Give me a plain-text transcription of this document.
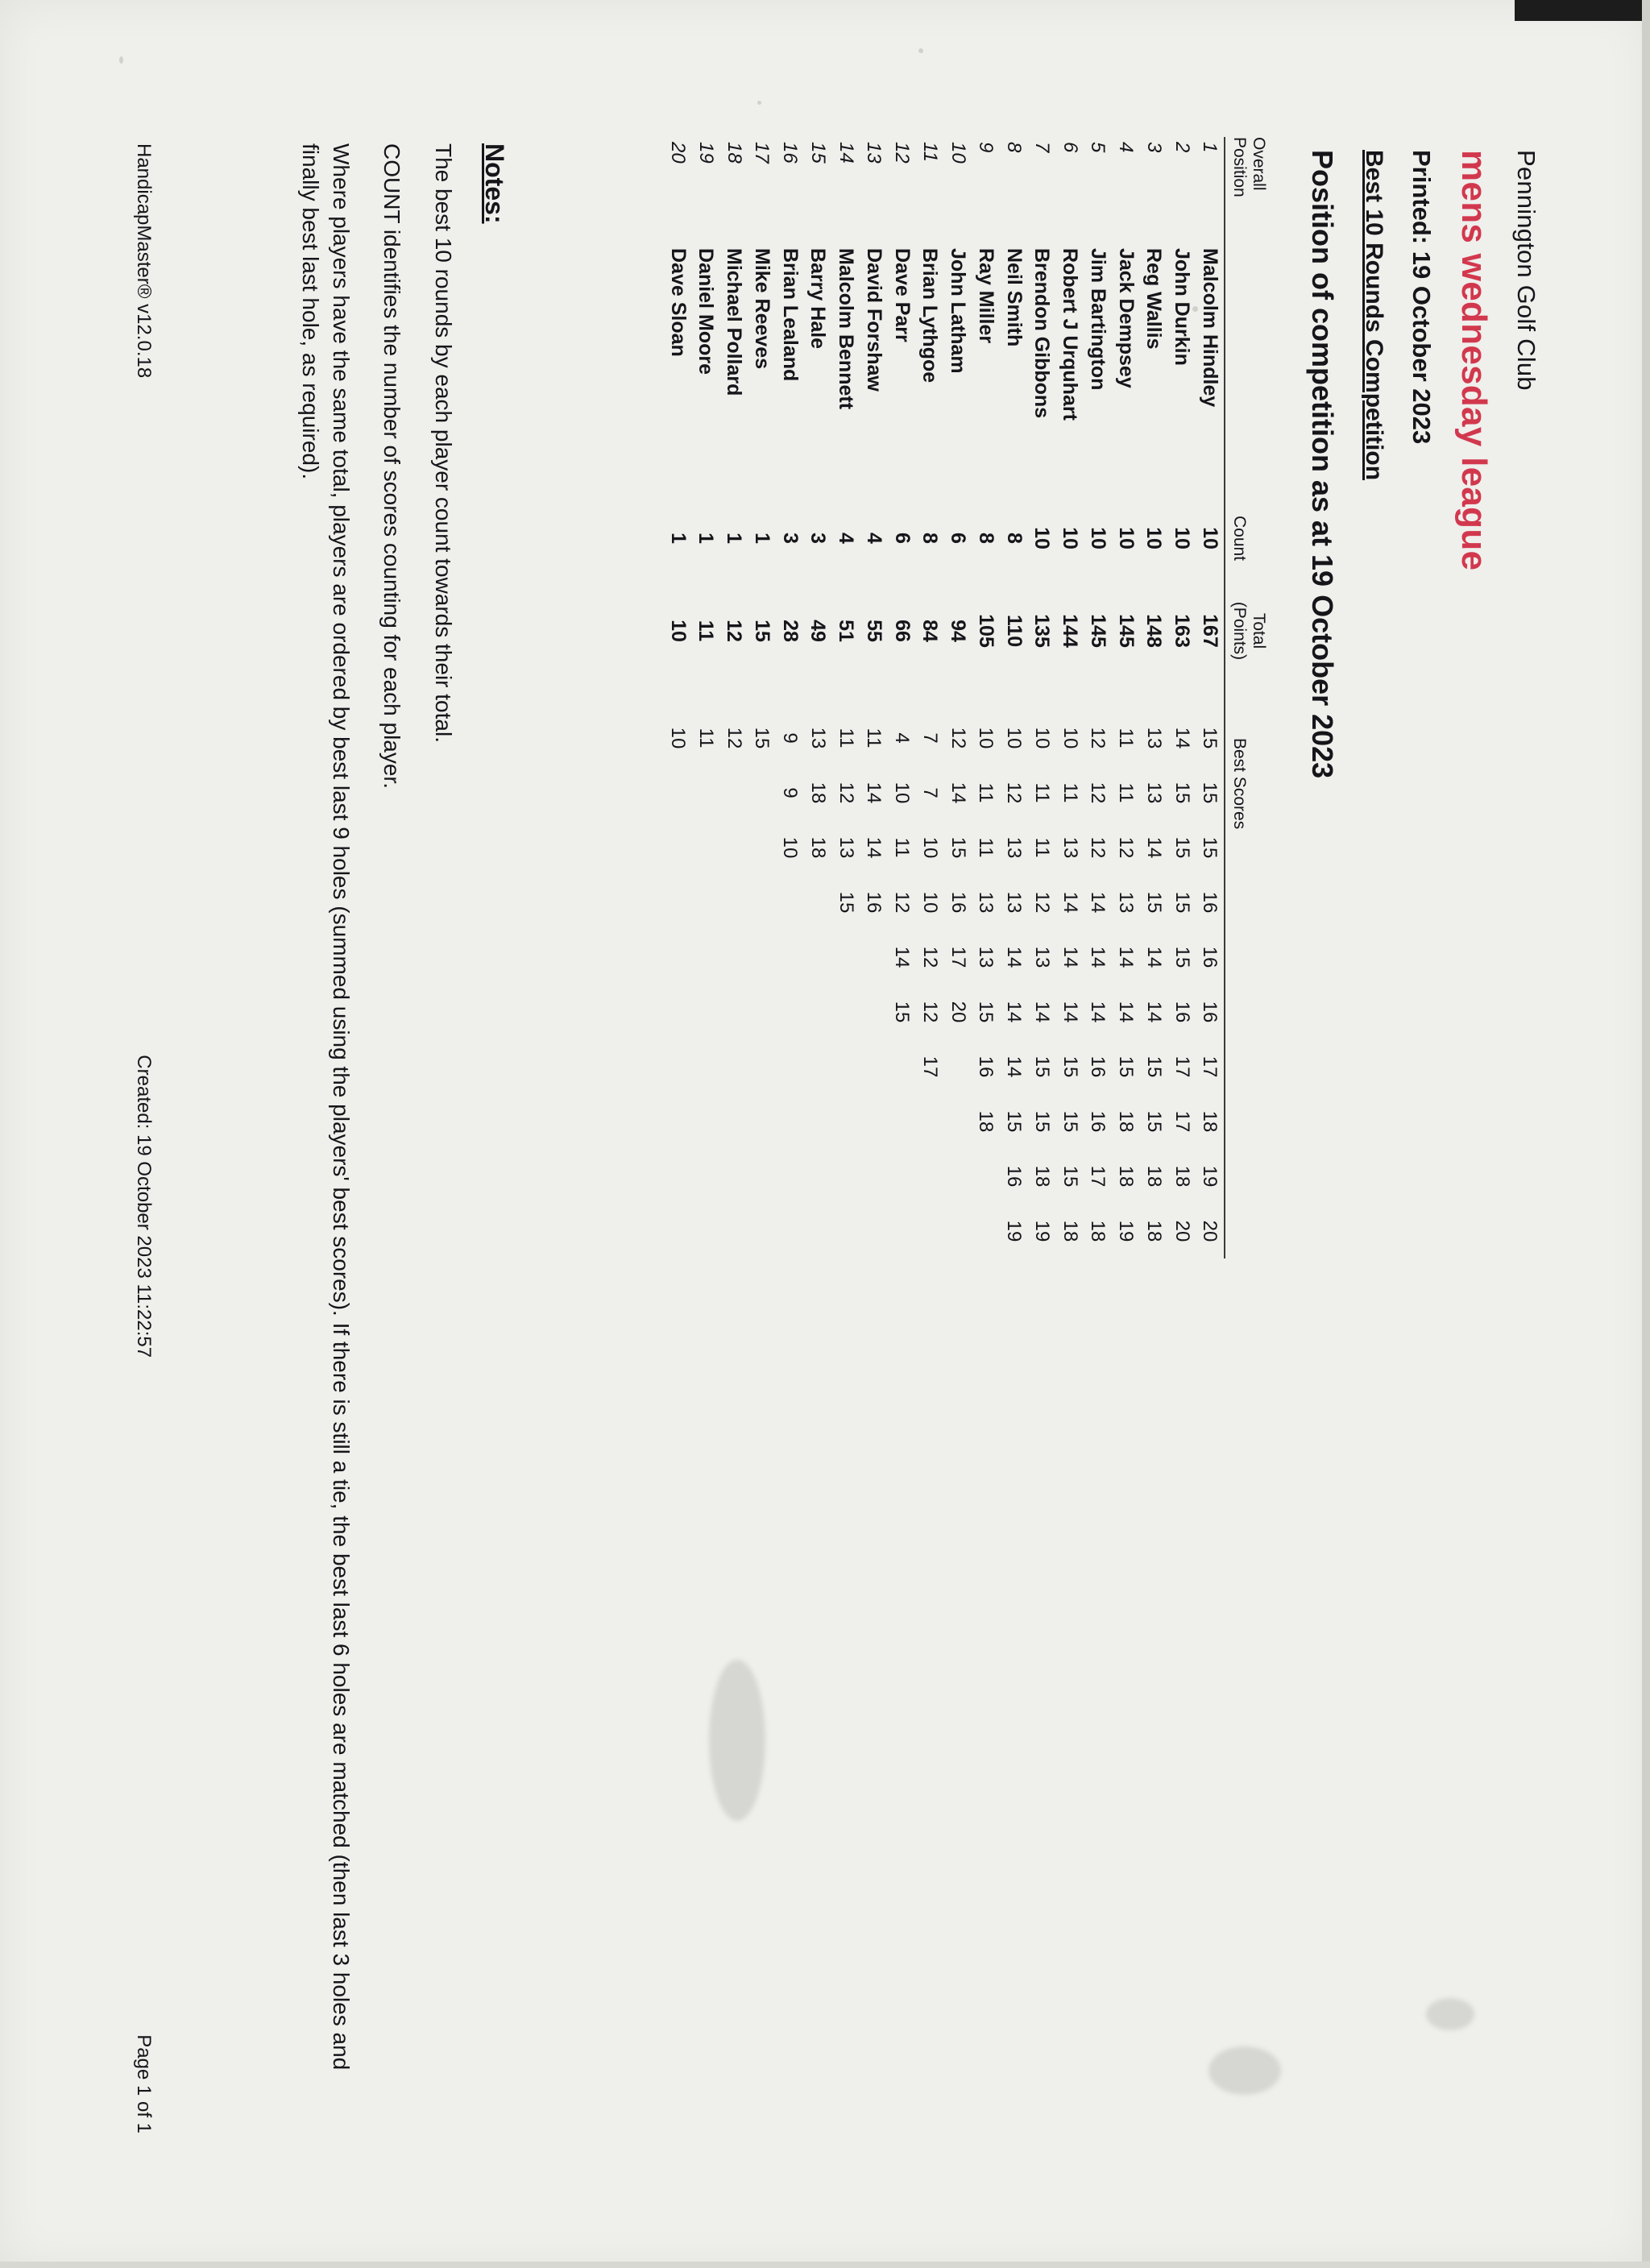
Pennington Golf Club
mens wednesday league
Printed: 19 October 2023
Best 10 Rounds Competition
Position of competition as at 19 October 2023
Overall
Position
		Count	
Total
(Points)
		Best Scores
1	Malcolm Hindley	10	167		15	15	15	16	16	16	17	18	19	20
2	John Durkin	10	163		14	15	15	15	15	16	17	17	18	20
3	Reg Wallis	10	148		13	13	14	15	14	14	15	15	18	18
4	Jack Dempsey	10	145		11	11	12	13	14	14	15	18	18	19
5	Jim Bartington	10	145		12	12	12	14	14	14	16	16	17	18
6	Robert J Urquhart	10	144		10	11	13	14	14	14	15	15	15	18
7	Brendon Gibbons	10	135		10	11	11	12	13	14	15	15	18	19
8	Neil Smith	8	110		10	12	13	13	14	14	14	15	16	19
9	Ray Miller	8	105		10	11	11	13	13	15	16	18		
10	John Latham	6	94		12	14	15	16	17	20				
11	Brian Lythgoe	8	84		7	7	10	10	12	12	17			
12	Dave Parr	6	66		4	10	11	12	14	15				
13	David Forshaw	4	55		11	14	14	16						
14	Malcolm Bennett	4	51		11	12	13	15						
15	Barry Hale	3	49		13	18	18							
16	Brian Lealand	3	28		9	9	10							
17	Mike Reeves	1	15		15									
18	Michael Pollard	1	12		12									
19	Daniel Moore	1	11		11									
20	Dave Sloan	1	10		10									
Notes:

The best 10 rounds by each player count towards their total.

COUNT identifies the number of scores counting for each player.

Where players have the same total, players are ordered by best last 9 holes (summed using the players' best scores). If there is still a tie, the best last 6 holes are matched (then last 3 holes and finally best last hole, as required).

HandicapMaster® v12.0.18
Created: 19 October 2023 11:22:57
Page 1 of 1
